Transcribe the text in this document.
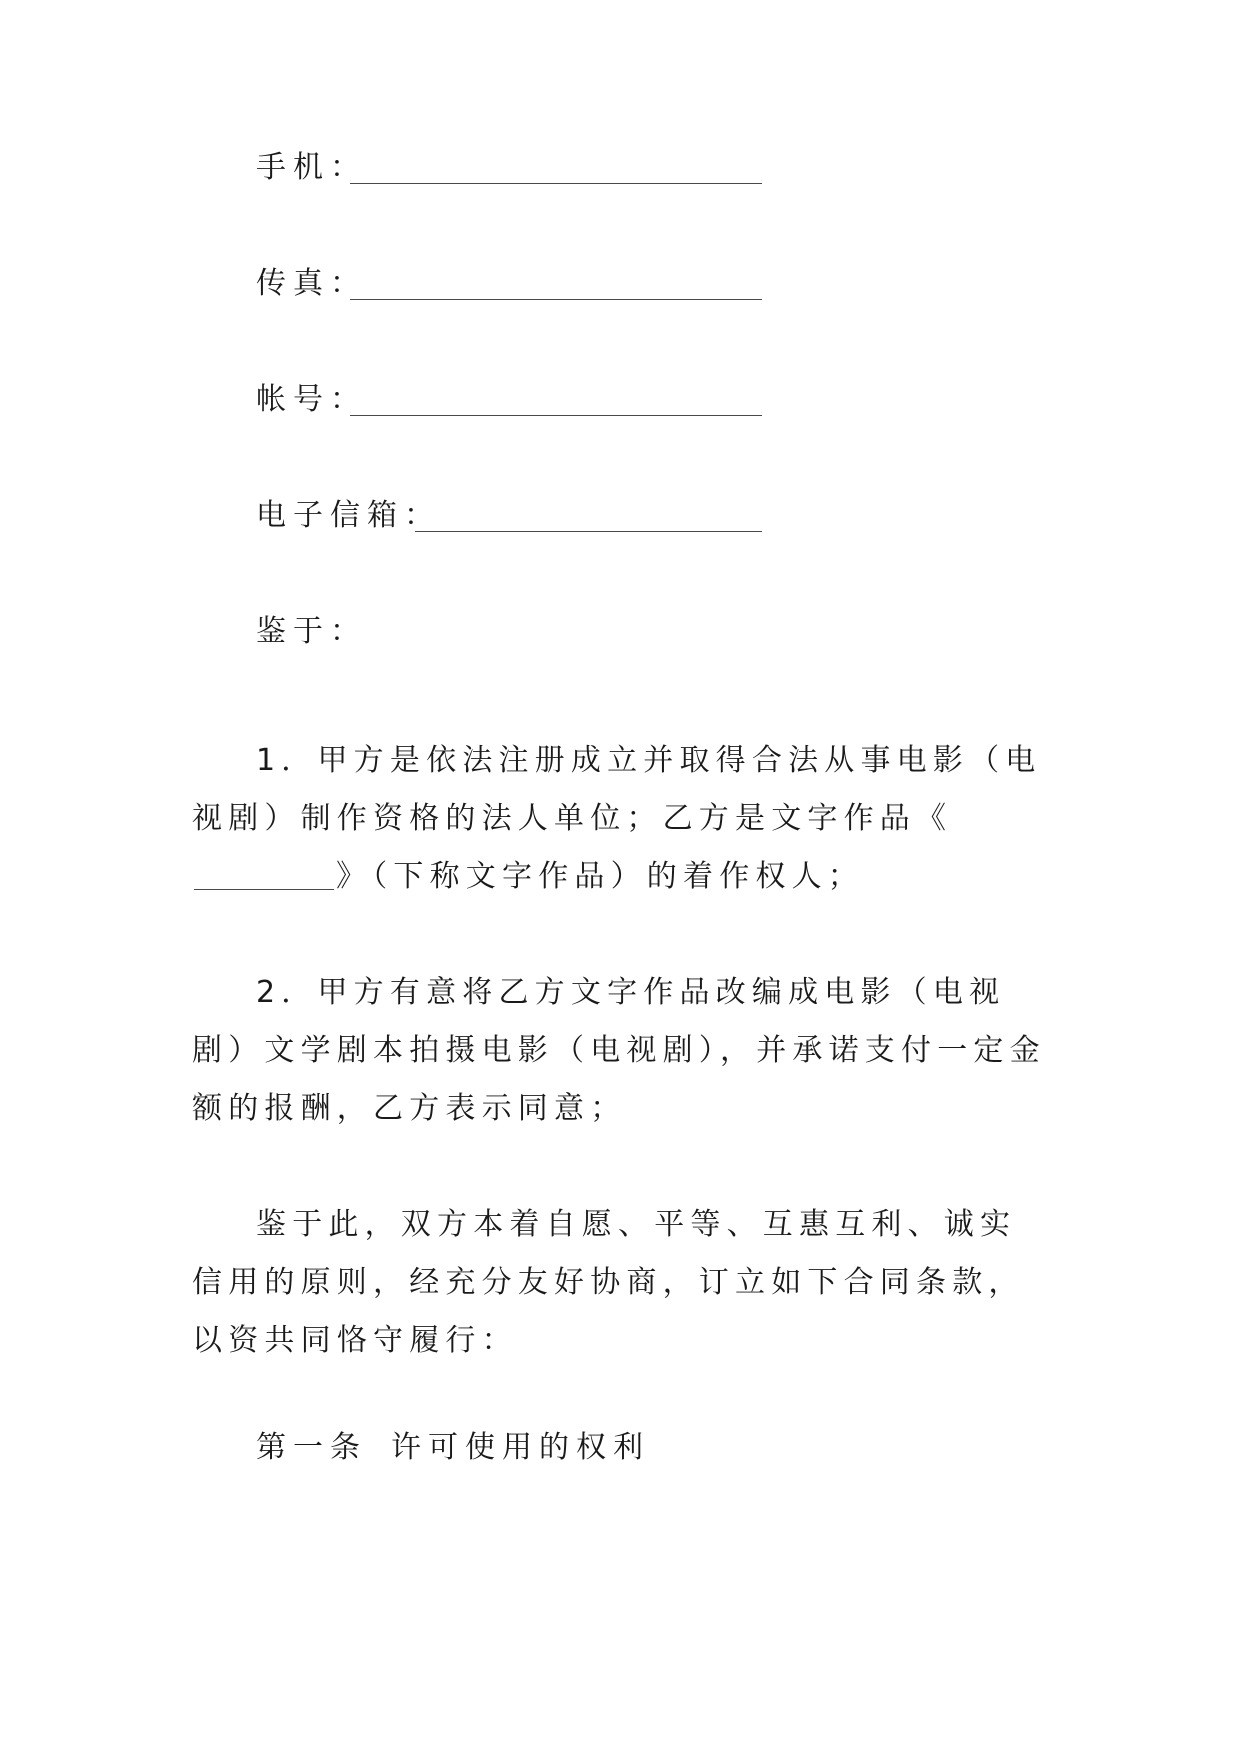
手机：
传真：
帐号：
电子信箱：
鉴于：
1．甲方是依法注册成立并取得合法从事电影（电视剧）制作资格的法人单位；乙方是文字作品《》（下称文字作品）的着作权人；
2．甲方有意将乙方文字作品改编成电影（电视剧）文学剧本拍摄电影（电视剧），并承诺支付一定金额的报酬，乙方表示同意；
鉴于此，双方本着自愿、平等、互惠互利、诚实信用的原则，经充分友好协商，订立如下合同条款，以资共同恪守履行：
第一条 许可使用的权利
